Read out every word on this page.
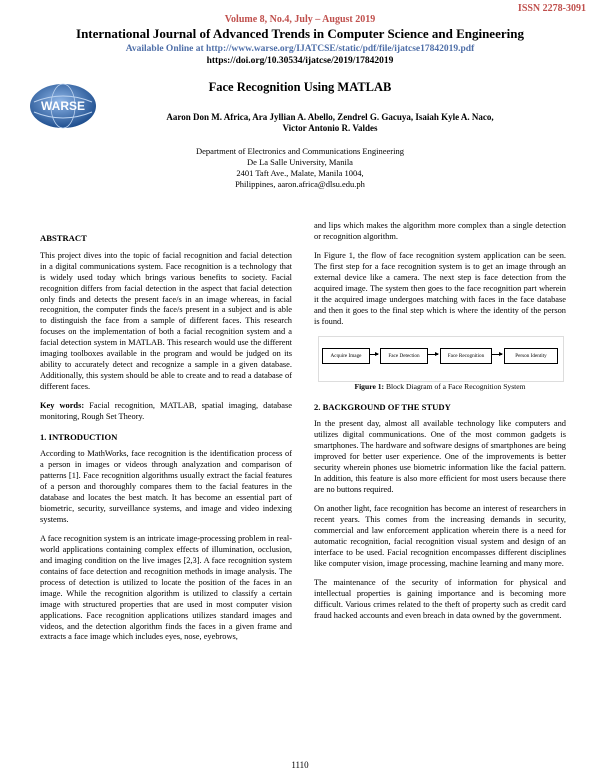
ISSN 2278-3091
Volume 8, No.4, July – August 2019
International Journal of Advanced Trends in Computer Science and Engineering
Available Online at http://www.warse.org/IJATCSE/static/pdf/file/ijatcse17842019.pdf
https://doi.org/10.30534/ijatcse/2019/17842019
WARSE
Face Recognition Using MATLAB
Aaron Don M. Africa, Ara Jyllian A. Abello, Zendrel G. Gacuya, Isaiah Kyle A. Naco,
Victor Antonio R. Valdes
Department of Electronics and Communications Engineering
De La Salle University, Manila
2401 Taft Ave., Malate, Manila 1004,
Philippines, aaron.africa@dlsu.edu.ph
ABSTRACT

This project dives into the topic of facial recognition and facial detection in a digital communications system. Face recognition is a technology that is widely used today which brings various benefits to society. Facial recognition differs from facial detection in the aspect that facial detection only finds and detects the present face/s in an image whereas, in facial recognition, the computer finds the face/s present in a subject and is able to distinguish the face from a sample of different faces. This research focuses on the implementation of both a facial recognition system and a facial detection system in MATLAB. This research would use the different imaging toolboxes available in the program and would be judged on its ability to accurately detect and recognize a sample in a given database. Additionally, this system should be able to create and to read a database of different faces.

Key words: Facial recognition, MATLAB, spatial imaging, database monitoring, Rough Set Theory.

1. INTRODUCTION

According to MathWorks, face recognition is the identification process of a person in images or videos through analyzation and comparison of patterns [1]. Face recognition algorithms usually extract the facial features of a person and thoroughly compares them to the facial features in the database and locates the best match. It has become an essential part of biometric, security, surveillance systems, and image and video indexing systems.

A face recognition system is an intricate image-processing problem in real-world applications containing complex effects of illumination, occlusion, and imaging condition on the live images [2,3]. A face recognition system contains of face detection and recognition methods in image analysis. The process of detection is utilized to locate the position of the faces in an image. While the recognition algorithm is utilized to classify a certain image with structured properties that are used in most computer vision applications. Face recognition applications utilizes standard images and videos, and the detection algorithm finds the faces in a given frame and extracts a face image which includes eyes, nose, eyebrows,

and lips which makes the algorithm more complex than a single detection or recognition algorithm.

In Figure 1, the flow of face recognition system application can be seen. The first step for a face recognition system is to get an image through an external device like a camera. The next step is face detection from the acquired image. The system then goes to the face recognition part wherein it the acquired image undergoes matching with faces in the face database and then it goes to the final step which is where the identity of the person is found.

Acquire Image	Face Detection	Face Recognition	Person Identity

Figure 1: Block Diagram of a Face Recognition System

2. BACKGROUND OF THE STUDY

In the present day, almost all available technology like computers and utilizes digital communications. One of the most common gadgets is smartphones. The hardware and software designs of smartphones are being improved for better user experience. One of the improvements is better security wherein phones use biometric information like the facial pattern. In addition, this feature is also more efficient for most users because there are no buttons required.

On another light, face recognition has become an interest of researchers in recent years. This comes from the increasing demands in security, commercial and law enforcement application wherein there is a need for automatic recognition, facial recognition visual system and design of an interface to be used. Facial recognition encompasses different disciplines like computer vision, image processing, machine learning and many more.

The maintenance of the security of information for physical and intellectual properties is gaining importance and is becoming more difficult. Various crimes related to the theft of property such as credit card fraud hacked accounts and even breach in data owned by the government.

1110
